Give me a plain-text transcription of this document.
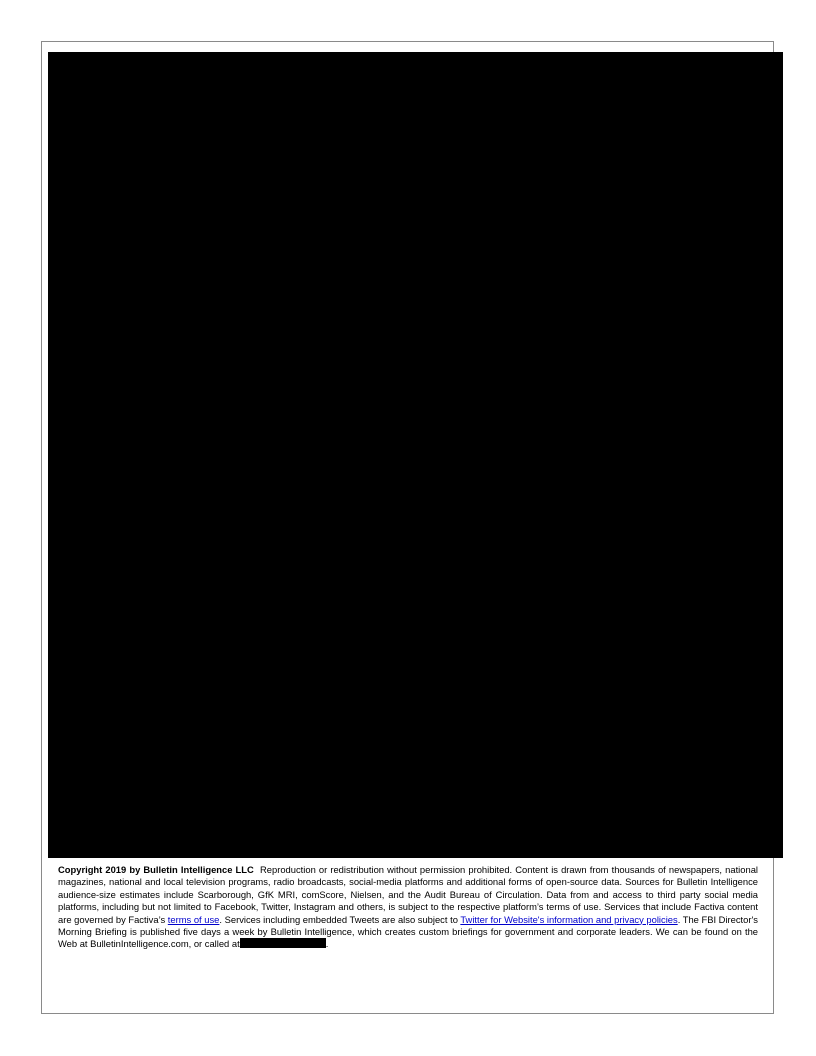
Copyright 2019 by Bulletin Intelligence LLC Reproduction or redistribution without permission prohibited. Content is drawn from thousands of newspapers, national magazines, national and local television programs, radio broadcasts, social-media platforms and additional forms of open-source data. Sources for Bulletin Intelligence audience-size estimates include Scarborough, GfK MRI, comScore, Nielsen, and the Audit Bureau of Circulation. Data from and access to third party social media platforms, including but not limited to Facebook, Twitter, Instagram and others, is subject to the respective platform’s terms of use. Services that include Factiva content are governed by Factiva’s terms of use. Services including embedded Tweets are also subject to Twitter for Website's information and privacy policies. The FBI Director's Morning Briefing is published five days a week by Bulletin Intelligence, which creates custom briefings for government and corporate leaders. We can be found on the Web at BulletinIntelligence.com, or called at	.
